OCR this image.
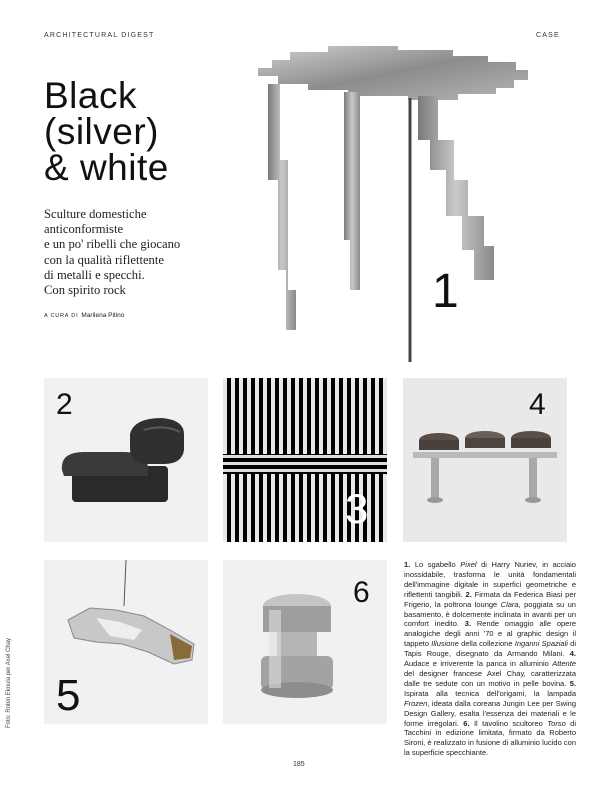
ARCHITECTURAL DIGEST	CASE
Black
(silver)
& white
Sculture domestiche
anticonformiste
e un po' ribelli che giocano
con la qualità riflettente
di metalli e specchi.
Con spirito rock
A CURA DI Marilena Pitino	1
2
3
4
5
6
1. Lo sgabello Pixel di Harry Nuriev, in acciaio inossidabile, trasforma le unità fondamentali dell'immagine digitale in superfici geometriche e riflettenti tangibili. 2. Firmata da Federica Biasi per Frigerio, la poltrona lounge Clara, poggiata su un basamento, è dolcemente inclinata in avanti per un comfort inedito. 3. Rende omaggio alle opere analogiche degli anni '70 e al graphic design il tappeto Illusione della collezione Inganni Spaziali di Tapis Rouge, disegnato da Armando Milani. 4. Audace e irriverente la panca in alluminio Attente del designer francese Axel Chay, caratterizzata dalle tre sedute con un motivo in pelle bovina. 5. Ispirata alla tecnica dell'origami, la lampada Frozen, ideata dalla coreana Jungin Lee per Swing Design Gallery, esalta l'essenza dei materiali e le forme irregolari. 6. Il tavolino scultoreo Torso di Tacchini in edizione limitata, firmato da Roberto Sironi, è realizzato in fusione di alluminio lucido con la superficie specchiante.
Foto: Robin Ekoula per Axel Chay
185
